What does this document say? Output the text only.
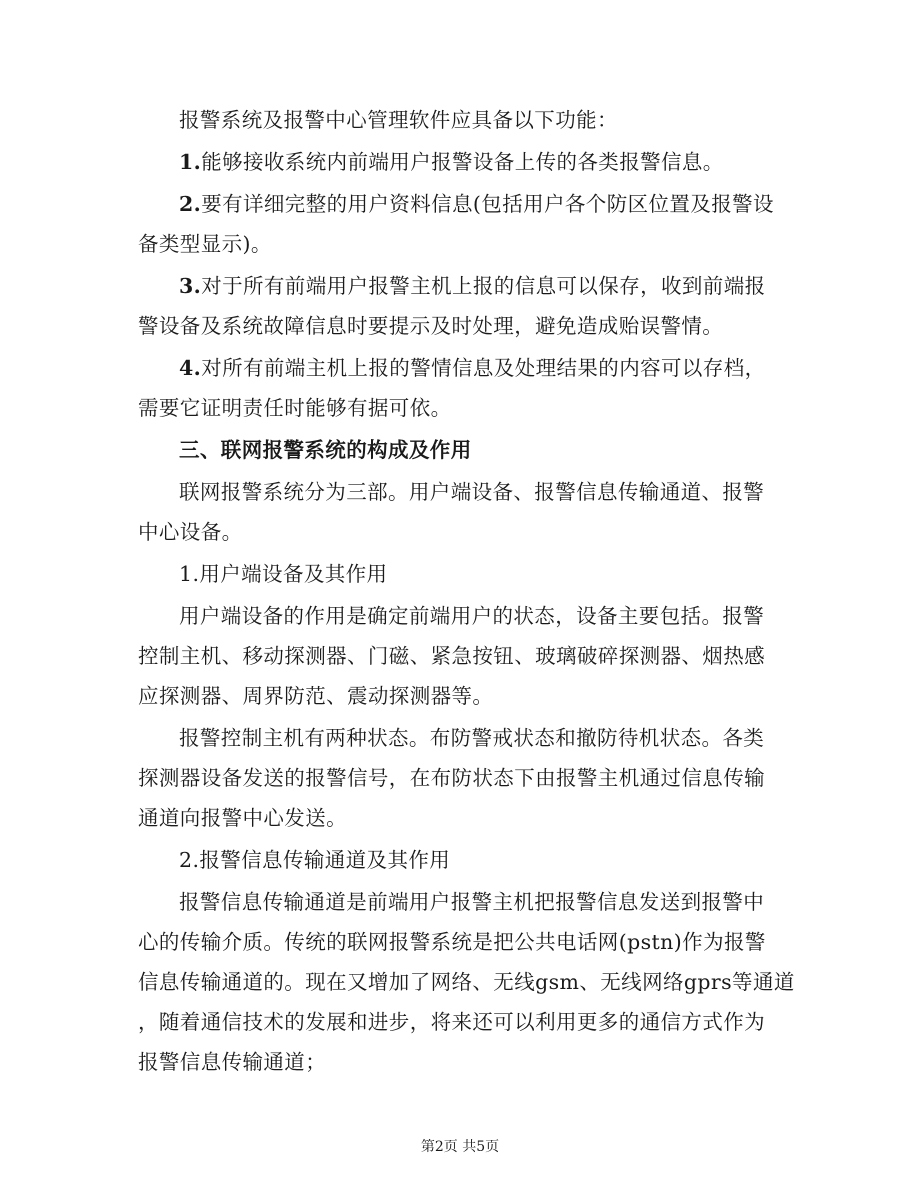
报警系统及报警中心管理软件应具备以下功能：
1.能够接收系统内前端用户报警设备上传的各类报警信息。
2.要有详细完整的用户资料信息(包括用户各个防区位置及报警设
备类型显示)。
3.对于所有前端用户报警主机上报的信息可以保存，收到前端报
警设备及系统故障信息时要提示及时处理，避免造成贻误警情。
4.对所有前端主机上报的警情信息及处理结果的内容可以存档，
需要它证明责任时能够有据可依。
三、联网报警系统的构成及作用
联网报警系统分为三部。用户端设备、报警信息传输通道、报警
中心设备。
1.用户端设备及其作用
用户端设备的作用是确定前端用户的状态，设备主要包括。报警
控制主机、移动探测器、门磁、紧急按钮、玻璃破碎探测器、烟热感
应探测器、周界防范、震动探测器等。
报警控制主机有两种状态。布防警戒状态和撤防待机状态。各类
探测器设备发送的报警信号，在布防状态下由报警主机通过信息传输
通道向报警中心发送。
2.报警信息传输通道及其作用
报警信息传输通道是前端用户报警主机把报警信息发送到报警中
心的传输介质。传统的联网报警系统是把公共电话网(pstn)作为报警
信息传输通道的。现在又增加了网络、无线gsm、无线网络gprs等通道
，随着通信技术的发展和进步，将来还可以利用更多的通信方式作为
报警信息传输通道；
第2页 共5页
